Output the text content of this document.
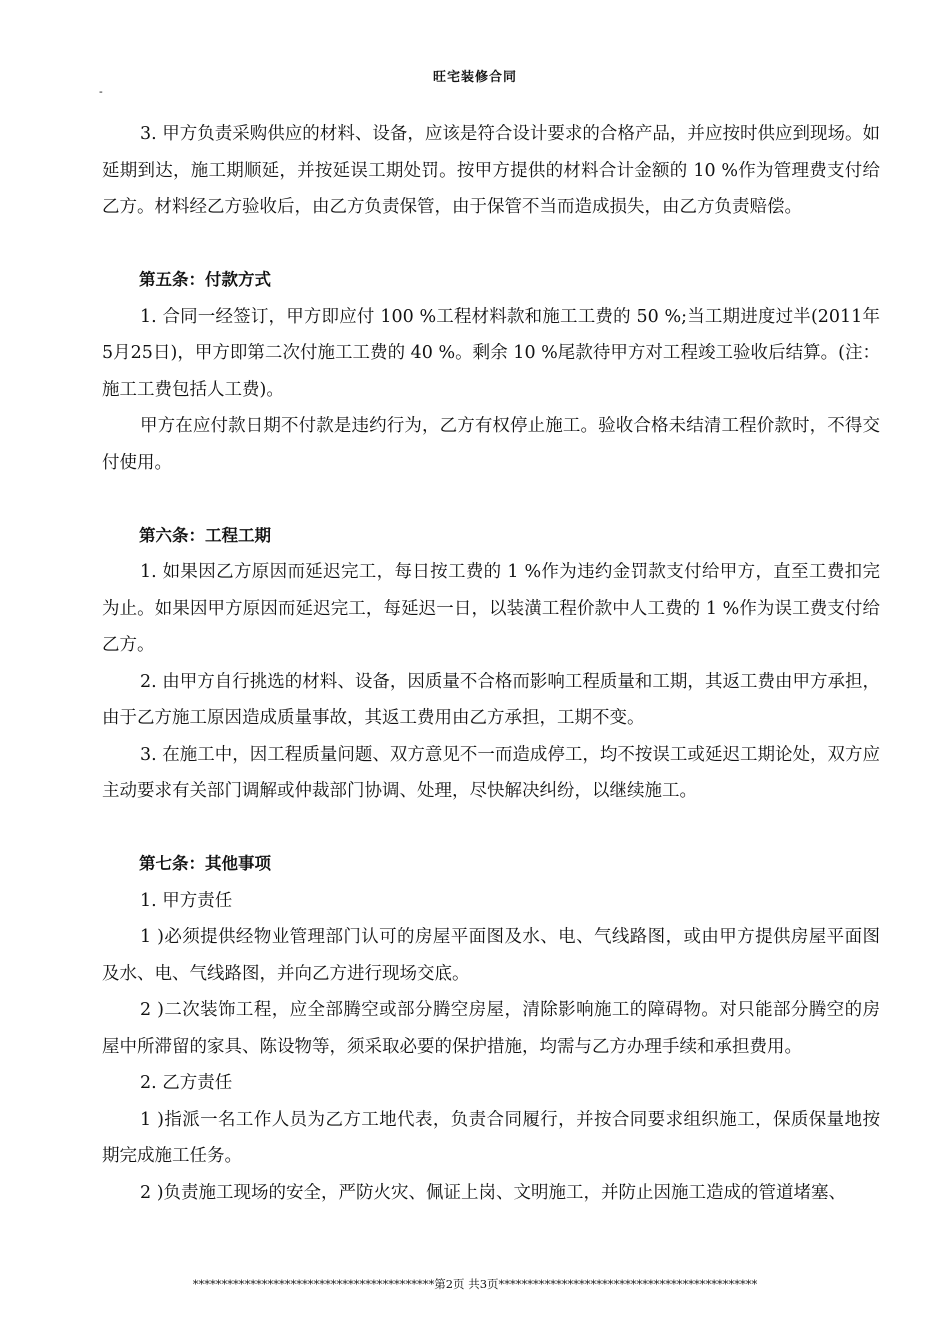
旺宅装修合同
-

3. 甲方负责采购供应的材料、设备，应该是符合设计要求的合格产品，并应按时供应到现场。如延期到达，施工期顺延，并按延误工期处罚。按甲方提供的材料合计金额的 10 %作为管理费支付给乙方。材料经乙方验收后，由乙方负责保管，由于保管不当而造成损失，由乙方负责赔偿。

第五条：付款方式

1. 合同一经签订，甲方即应付 100 %工程材料款和施工工费的 50 %;当工期进度过半(2011年5月25日)，甲方即第二次付施工工费的 40 %。剩余 10 %尾款待甲方对工程竣工验收后结算。(注：施工工费包括人工费)。

甲方在应付款日期不付款是违约行为，乙方有权停止施工。验收合格未结清工程价款时，不得交付使用。

第六条：工程工期

1. 如果因乙方原因而延迟完工，每日按工费的 1 %作为违约金罚款支付给甲方，直至工费扣完为止。如果因甲方原因而延迟完工，每延迟一日，以装潢工程价款中人工费的 1 %作为误工费支付给乙方。

2. 由甲方自行挑选的材料、设备，因质量不合格而影响工程质量和工期，其返工费由甲方承担，由于乙方施工原因造成质量事故，其返工费用由乙方承担，工期不变。

3. 在施工中，因工程质量问题、双方意见不一而造成停工，均不按误工或延迟工期论处，双方应主动要求有关部门调解或仲裁部门协调、处理，尽快解决纠纷，以继续施工。

第七条：其他事项

1. 甲方责任

1 )必须提供经物业管理部门认可的房屋平面图及水、电、气线路图，或由甲方提供房屋平面图及水、电、气线路图，并向乙方进行现场交底。

2 )二次装饰工程，应全部腾空或部分腾空房屋，清除影响施工的障碍物。对只能部分腾空的房屋中所滞留的家具、陈设物等，须采取必要的保护措施，均需与乙方办理手续和承担费用。

2. 乙方责任

1 )指派一名工作人员为乙方工地代表，负责合同履行，并按合同要求组织施工，保质保量地按期完成施工任务。

2 )负责施工现场的安全，严防火灾、佩证上岗、文明施工，并防止因施工造成的管道堵塞、

******************************************第2页 共3页*********************************************
